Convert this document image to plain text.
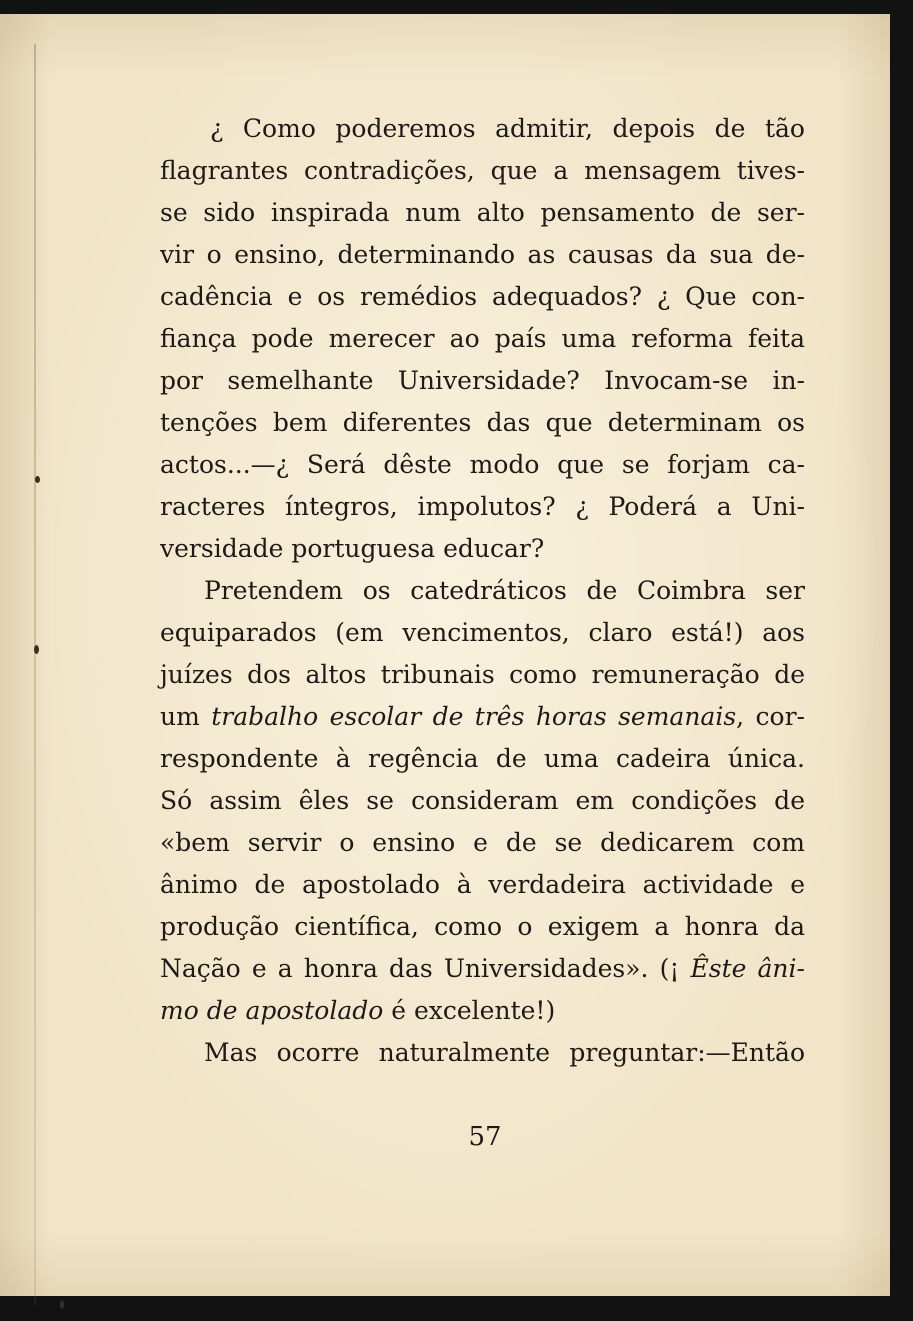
¿ Como poderemos admitir, depois de tão
flagrantes contradições, que a mensagem tives-
se sido inspirada num alto pensamento de ser-
vir o ensino, determinando as causas da sua de-
cadência e os remédios adequados? ¿ Que con-
fiança pode merecer ao país uma reforma feita
por semelhante Universidade? Invocam-se in-
tenções bem diferentes das que determinam os
actos...—¿ Será dêste modo que se forjam ca-
racteres íntegros, impolutos? ¿ Poderá a Uni-
versidade portuguesa educar?
Pretendem os catedráticos de Coimbra ser
equiparados (em vencimentos, claro está!) aos
juízes dos altos tribunais como remuneração de
um trabalho escolar de três horas semanais, cor-
respondente à regência de uma cadeira única.
Só assim êles se consideram em condições de
«bem servir o ensino e de se dedicarem com
ânimo de apostolado à verdadeira actividade e
produção científica, como o exigem a honra da
Nação e a honra das Universidades». (¡ Êste âni-
mo de apostolado é excelente!)
Mas ocorre naturalmente preguntar:—Então
57
